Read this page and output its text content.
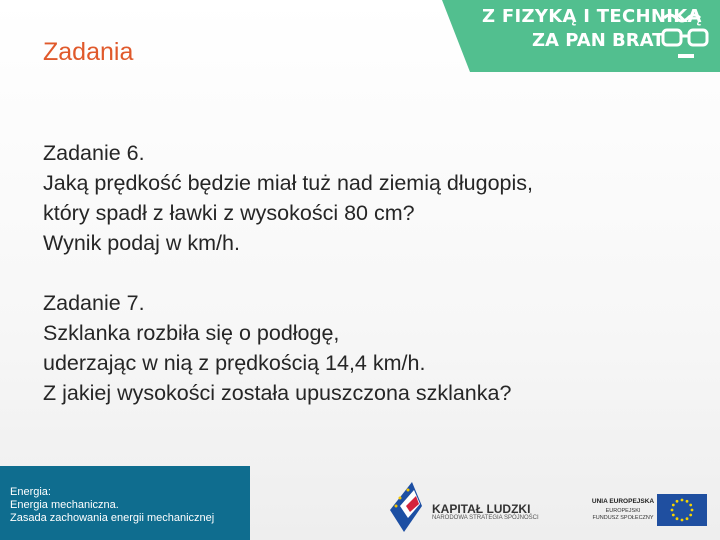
Z FIZYKĄ I TECHNIKĄ
ZA PAN BRAT
Zadania

Zadanie 6.

Jaką prędkość będzie miał tuż nad ziemią długopis,

który spadł z ławki z wysokości 80 cm?

Wynik podaj w km/h.

Zadanie 7.

Szklanka rozbiła się o podłogę,

uderzając w nią z prędkością 14,4 km/h.

Z jakiej wysokości została upuszczona szklanka?

Energia:

Energia mechaniczna.

Zasada zachowania energii mechanicznej

KAPITAŁ LUDZKI
NARODOWA STRATEGIA SPÓJNOŚCI
UNIA EUROPEJSKA
EUROPEJSKI
FUNDUSZ SPOŁECZNY
